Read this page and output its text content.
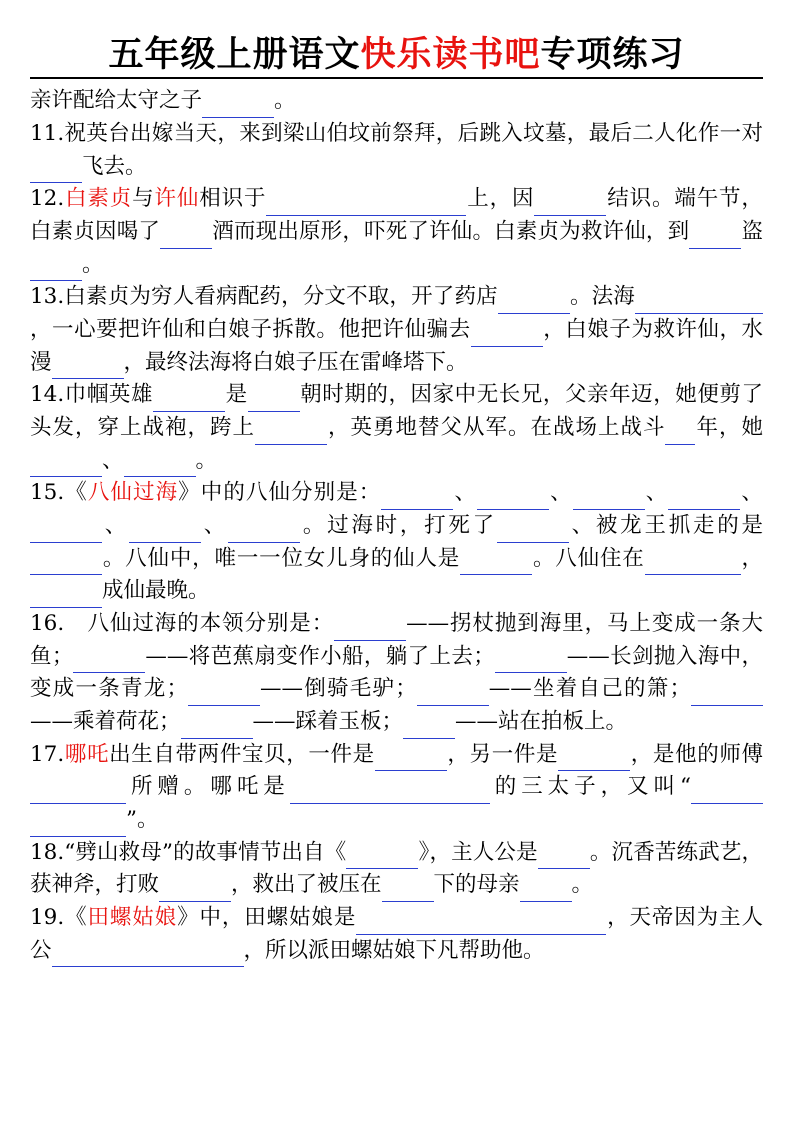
五年级上册语文快乐读书吧专项练习

亲许配给太守之子	。

11.祝英台出嫁当天，来到梁山伯坟前祭拜，后跳入坟墓，最后二人化作一对飞去。

12.白素贞与许仙相识于	上，因	结识。端午节，白素贞因喝了 酒而现出原形，吓死了许仙。白素贞为救许仙，到 盗。

13.白素贞为穷人看病配药，分文不取，开了药店	。法海，一心要把许仙和白娘子拆散。他把许仙骗去	，白娘子为救许仙，水漫	，最终法海将白娘子压在雷峰塔下。

14.巾帼英雄	是 朝时期的，因家中无长兄，父亲年迈，她便剪了头发，穿上战袍，跨上	，英勇地替父从军。在战场上战斗 年，她、	。

15.《八仙过海》中的八仙分别是：	、	、	、	、、	、	。过海时，打死了	、被龙王抓走的是。八仙中，唯一一位女儿身的仙人是	。八仙住在	，成仙最晚。

16.　八仙过海的本领分别是：	——拐杖抛到海里，马上变成一条大鱼；	——将芭蕉扇变作小船，躺了上去；	——长剑抛入海中，变成一条青龙；	——倒骑毛驴；	——坐着自己的箫；——乘着荷花；	——踩着玉板； ——站在拍板上。

17.哪吒出生自带两件宝贝，一件是	，另一件是	，是他的师傅所赠。哪吒是	的三太子，又叫“”。

18.“劈山救母”的故事情节出自《	》，主人公是 。沉香苦练武艺，获神斧，打败	，救出了被压在 下的母亲 。

19.《田螺姑娘》中，田螺姑娘是	，天帝因为主人公	，所以派田螺姑娘下凡帮助他。
